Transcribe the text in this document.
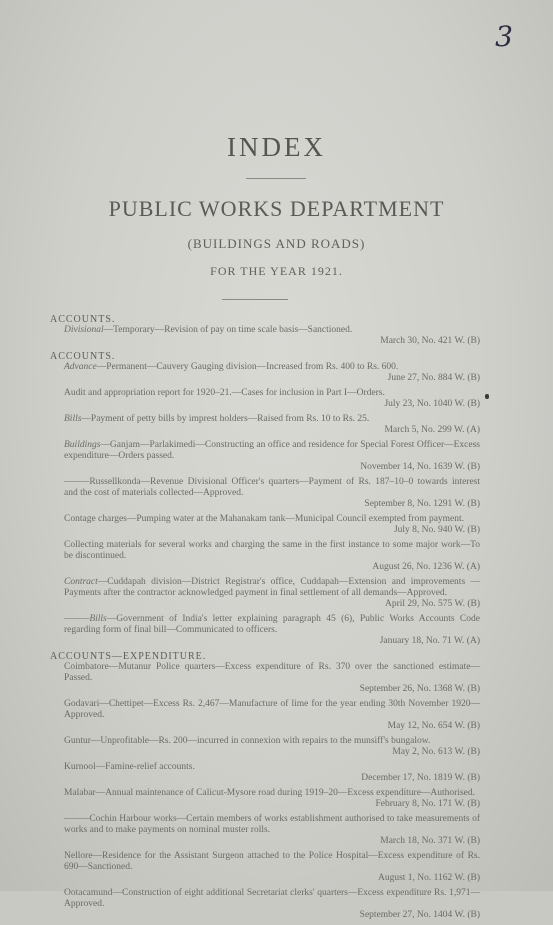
3
INDEX
PUBLIC WORKS DEPARTMENT
(BUILDINGS AND ROADS)
FOR THE YEAR 1921.
ACCOUNTS.
Divisional—Temporary—Revision of pay on time scale basis—Sanctioned.
March 30, No. 421 W. (B)
ACCOUNTS.
Advance—Permanent—Cauvery Gauging division—Increased from Rs. 400 to Rs. 600.
June 27, No. 884 W. (B)
Audit and appropriation report for 1920–21.—Cases for inclusion in Part I—Orders.
July 23, No. 1040 W. (B)
Bills—Payment of petty bills by imprest holders—Raised from Rs. 10 to Rs. 25.
March 5, No. 299 W. (A)
Buildings—Ganjam—Parlakimedi—Constructing an office and residence for Special Forest Officer—Excess expenditure—Orders passed.
November 14, No. 1639 W. (B)
———Russellkonda—Revenue Divisional Officer's quarters—Payment of Rs. 187–10–0 towards interest and the cost of materials collected—Approved.
September 8, No. 1291 W. (B)
Contage charges—Pumping water at the Mahanakam tank—Municipal Council exempted from payment.
July 8, No. 940 W. (B)
Collecting materials for several works and charging the same in the first instance to some major work—To be discontinued.
August 26, No. 1236 W. (A)
Contract—Cuddapah division—District Registrar's office, Cuddapah—Extension and improvements — Payments after the contractor acknowledged payment in final settlement of all demands—Approved.
April 29, No. 575 W. (B)
———Bills—Government of India's letter explaining paragraph 45 (6), Public Works Accounts Code regarding form of final bill—Communicated to officers.
January 18, No. 71 W. (A)
ACCOUNTS—EXPENDITURE.
Coimbatore—Mutanur Police quarters—Excess expenditure of Rs. 370 over the sanctioned estimate—Passed.
September 26, No. 1368 W. (B)
Godavari—Chettipet—Excess Rs. 2,467—Manufacture of lime for the year ending 30th November 1920—Approved.
May 12, No. 654 W. (B)
Guntur—Unprofitable—Rs. 200—incurred in connexion with repairs to the munsiff's bungalow.
May 2, No. 613 W. (B)
Kurnool—Famine-relief accounts.
December 17, No. 1819 W. (B)
Malabar—Annual maintenance of Calicut-Mysore road during 1919–20—Excess expenditure—Authorised.
February 8, No. 171 W. (B)
———Cochin Harbour works—Certain members of works establishment authorised to take measurements of works and to make payments on nominal muster rolls.
March 18, No. 371 W. (B)
Nellore—Residence for the Assistant Surgeon attached to the Police Hospital—Excess expenditure of Rs. 690—Sanctioned.
August 1, No. 1162 W. (B)
Ootacamund—Construction of eight additional Secretariat clerks' quarters—Excess expenditure Rs. 1,971—Approved.
September 27, No. 1404 W. (B)
